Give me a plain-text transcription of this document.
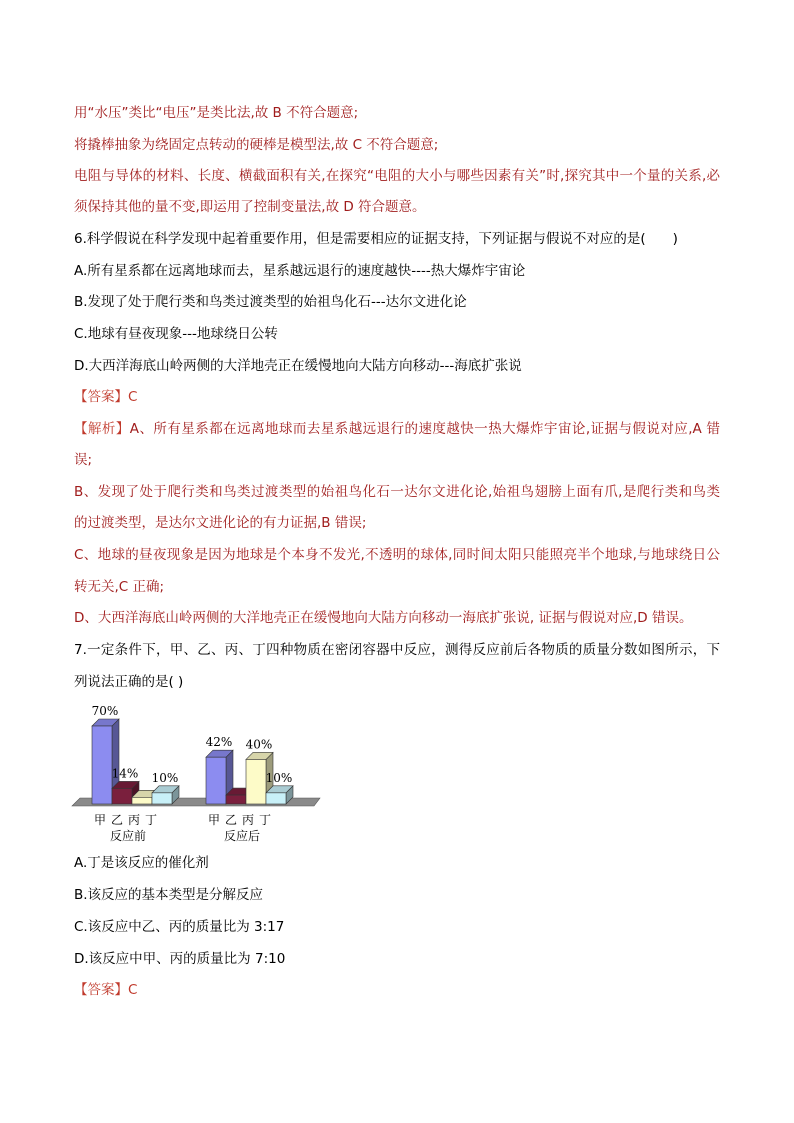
用“水压”类比“电压”是类比法,故 B 不符合题意;
将撬棒抽象为绕固定点转动的硬棒是模型法,故 C 不符合题意;
电阻与导体的材料、长度、横截面积有关,在探究“电阻的大小与哪些因素有关”时,探究其中一个量的关系,必
须保持其他的量不变,即运用了控制变量法,故 D 符合题意。
6.科学假说在科学发现中起着重要作用，但是需要相应的证据支持，下列证据与假说不对应的是(　　)
A.所有星系都在远离地球而去，星系越远退行的速度越快----热大爆炸宇宙论
B.发现了处于爬行类和鸟类过渡类型的始祖鸟化石---达尔文进化论
C.地球有昼夜现象---地球绕日公转
D.大西洋海底山岭两侧的大洋地壳正在缓慢地向大陆方向移动---海底扩张说
【答案】C
【解析】A、所有星系都在远离地球而去星系越远退行的速度越快一热大爆炸宇宙论,证据与假说对应,A 错
误;
B、发现了处于爬行类和鸟类过渡类型的始祖鸟化石一达尔文进化论,始祖鸟翅膀上面有爪,是爬行类和鸟类
的过渡类型，是达尔文进化论的有力证据,B 错误;
C、地球的昼夜现象是因为地球是个本身不发光,不透明的球体,同时间太阳只能照亮半个地球,与地球绕日公
转无关,C 正确;
D、大西洋海底山岭两侧的大洋地壳正在缓慢地向大陆方向移动一海底扩张说, 证据与假说对应,D 错误。
7.一定条件下，甲、乙、丙、丁四种物质在密闭容器中反应，测得反应前后各物质的质量分数如图所示，下
列说法正确的是( )
70%
14% 10%
42% 40%
10%
甲 乙 丙 丁
反应前
甲 乙 丙 丁
反应后
A.丁是该反应的催化剂
B.该反应的基本类型是分解反应
C.该反应中乙、丙的质量比为 3:17
D.该反应中甲、丙的质量比为 7:10
【答案】C
